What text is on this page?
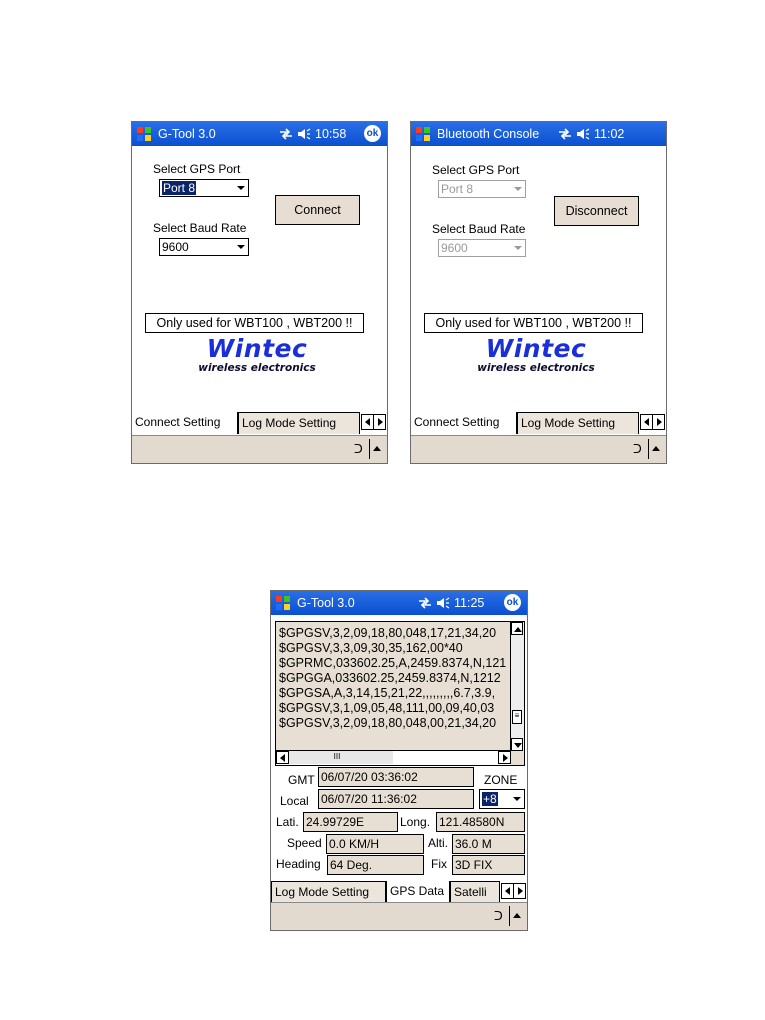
G-Tool 3.0	10:58 ok
Select GPS Port
Port 8
Select Baud Rate
9600
Connect
Only used for WBT100 , WBT200 !!
Wintec
wireless electronics
Connect Setting	Log Mode Setting
ᑐ
Bluetooth Console	11:02
Select GPS Port
Port 8
Select Baud Rate
9600
Disconnect
Only used for WBT100 , WBT200 !!
Wintec
wireless electronics
Connect Setting	Log Mode Setting
ᑐ
G-Tool 3.0	11:25 ok
$GPGSV,3,2,09,18,80,048,17,21,34,20
$GPGSV,3,3,09,30,35,162,00*40
$GPRMC,033602.25,A,2459.8374,N,121
$GPGGA,033602.25,2459.8374,N,1212
$GPGSA,A,3,14,15,21,22,,,,,,,,,6.7,3.9,
$GPGSV,3,1,09,05,48,111,00,09,40,03
$GPGSV,3,2,09,18,80,048,00,21,34,20
≡
III
GMT 06/07/20 03:36:02	ZONE
Local 06/07/20 11:36:02	+8
Lati. 24.99729E	Long. 121.48580N
Speed 0.0 KM/H	Alti. 36.0 M
Heading 64 Deg.	Fix 3D FIX
Log Mode Setting	GPS Data Satelli
ᑐ
